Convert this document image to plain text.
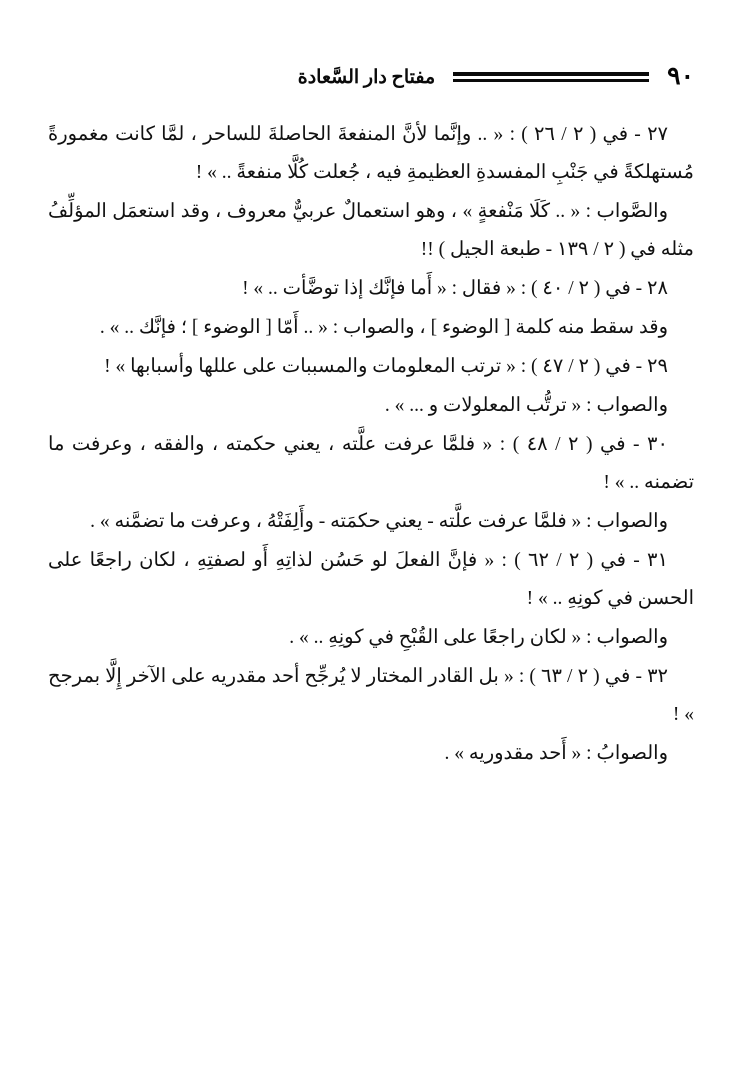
٩٠
مفتاح دار السَّعادة

٢٧ - في ( ٢ / ٢٦ ) : « .. وإنَّما لأنَّ المنفعةَ الحاصلةَ للساحر ، لمَّا كانت مغمورةً مُستهلكةً في جَنْبِ المفسدةِ العظيمةِ فيه ، جُعلت كُلَّا منفعةً .. » !

والصَّواب : « .. كَلَا مَنْفعةٍ » ، وهو استعمالٌ عربيٌّ معروف ، وقد استعمَل المؤلِّفُ مثله في ( ٢ / ١٣٩ - طبعة الجيل ) !!

٢٨ - في ( ٢ / ٤٠ ) : « فقال : « أَما فإنَّك إذا توضَّأت .. » !

وقد سقط منه كلمة [ الوضوء ] ، والصواب : « .. أَمّا [ الوضوء ] ؛ فإنَّك .. » .

٢٩ - في ( ٢ / ٤٧ ) : « ترتب المعلومات والمسببات على عللها وأسبابها » !

والصواب : « ترتُّب المعلولات و ... » .

٣٠ - في ( ٢ / ٤٨ ) : « فلمَّا عرفت علَّته ، يعني حكمته ، والفقه ، وعرفت ما تضمنه .. » !

والصواب : « فلمَّا عرفت علَّته - يعني حكمَته - وأَلِفَتْهُ ، وعرفت ما تضمَّنه » .

٣١ - في ( ٢ / ٦٢ ) : « فإنَّ الفعلَ لو حَسُن لذاتِهِ أَو لصفتِهِ ، لكان راجعًا على الحسن في كونِهِ .. » !

والصواب : « لكان راجعًا على القُبْحِ في كونِهِ .. » .

٣٢ - في ( ٢ / ٦٣ ) : « بل القادر المختار لا يُرجِّح أحد مقدريه على الآخر إِلَّا بمرجح » !

والصوابُ : « أَحد مقدوريه » .
